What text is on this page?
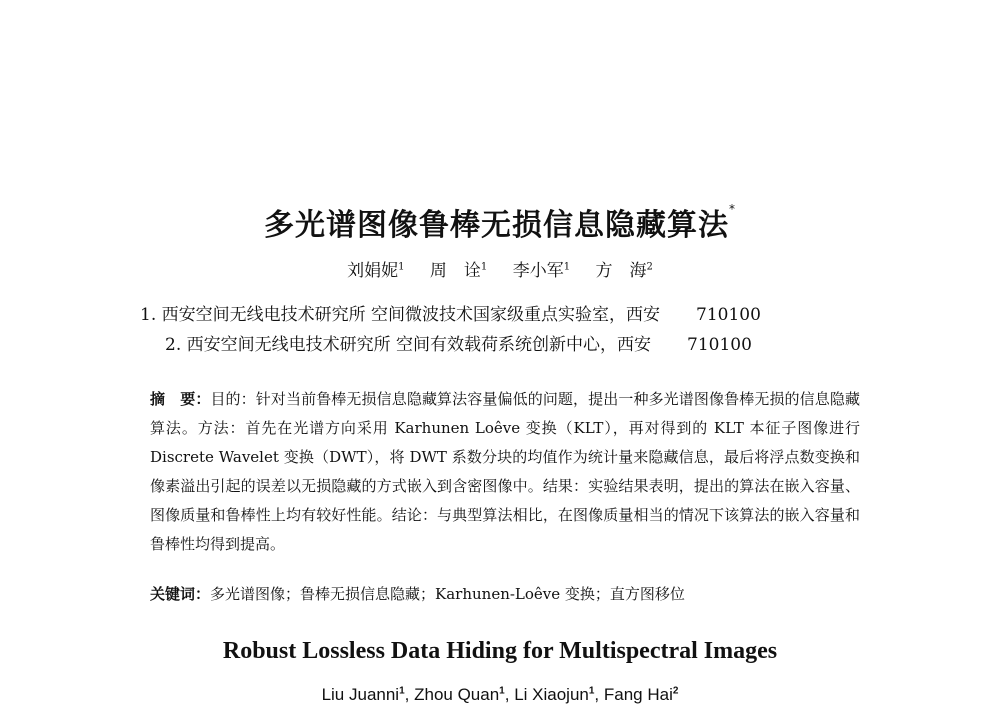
多光谱图像鲁棒无损信息隐藏算法*
刘娟妮$^1$ 周　诠$^1$ 李小军$^1$ 方　海$^2$
1. 西安空间无线电技术研究所 空间微波技术国家级重点实验室，西安 710100
2. 西安空间无线电技术研究所 空间有效载荷系统创新中心，西安 710100
摘　要：目的：针对当前鲁棒无损信息隐藏算法容量偏低的问题，提出一种多光谱图像鲁棒无损的信息隐藏算法。方法：首先在光谱方向采用 Karhunen Loêve 变换（KLT），再对得到的 KLT 本征子图像进行 Discrete Wavelet 变换（DWT），将 DWT 系数分块的均值作为统计量来隐藏信息，最后将浮点数变换和像素溢出引起的误差以无损隐藏的方式嵌入到含密图像中。结果：实验结果表明，提出的算法在嵌入容量、图像质量和鲁棒性上均有较好性能。结论：与典型算法相比，在图像质量相当的情况下该算法的嵌入容量和鲁棒性均得到提高。
关键词：多光谱图像；鲁棒无损信息隐藏；Karhunen-Loêve 变换；直方图移位
Robust Lossless Data Hiding for Multispectral Images
Liu Juanni$^1$, Zhou Quan$^1$, Li Xiaojun$^1$, Fang Hai$^2$
